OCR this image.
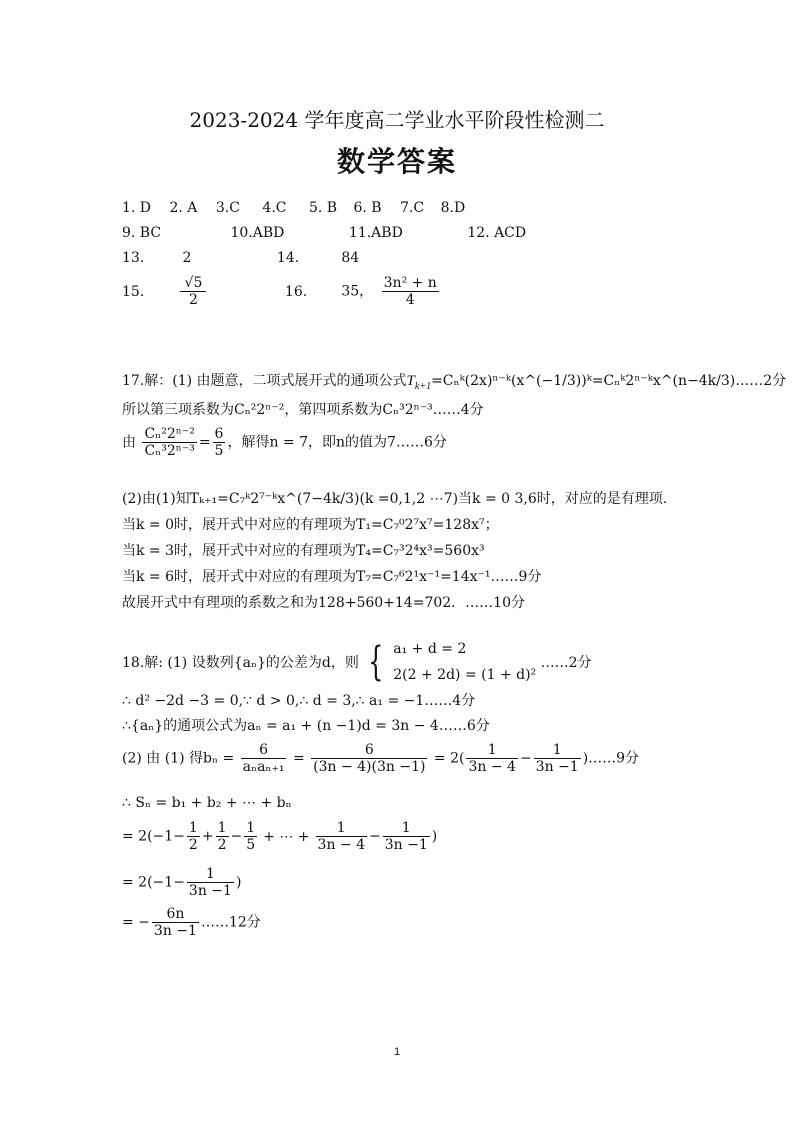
2023-2024 学年度高二学业水平阶段性检测二
数学答案
1. D 2. A 3.C 4.C 5. B 6. B 7.C 8.D
9. BC	10.ABD	11.ABD	12. ACD
13.	2	14.	84
15.	$\frac{√5}{2}$	16. 35， $\frac{\text{3n² + n}}{4}$
17.解：(1) 由题意，二项式展开式的通项公式$T_{k+1}=C_nᵏ(2x)^{n-}ᵏ(x\^{}(-1/3))ᵏ=C_nᵏ2^{n-}ᵏx\^{}(n-4k/3)\dots\dots 2$分
所以第三项系数为Cₙ²2ⁿ⁻²，第四项系数为Cₙ³2ⁿ⁻³……4分
由 $\frac{\text{Cₙ²2ⁿ⁻²}}{\text{Cₙ³2ⁿ⁻³}} = \frac{6}{5}$ ，解得n = 7，即n的值为7……6分
(2)由(1)知Tₖ₊₁=C₇ᵏ2⁷⁻ᵏx^(7−4k/3)(k =0,1,2 ⋯7)当k = 0 3,6时，对应的是有理项.
当k = 0时，展开式中对应的有理项为T₁=C₇⁰2⁷x⁷=128x⁷；
当k = 3时，展开式中对应的有理项为T₄=C₇³2⁴x³=560x³
当k = 6时，展开式中对应的有理项为T₇=C₇⁶2¹x⁻¹=14x⁻¹……9分
故展开式中有理项的系数之和为128+560+14=702．……10分
18.解: (1) 设数列{aₙ}的公差为d，则 { a₁ + d = 2
2(2 + 2d) = (1 + d)²
……2分
∴ d² −2d −3 = 0,∵ d > 0,∴ d = 3,∴ a₁ = −1……4分
∴{aₙ}的通项公式为aₙ = a₁ + (n −1)d = 3n − 4……6分
(2) 由 (1) 得$b_n = \frac{6}{\text{aₙaₙ₊₁}} = \frac{6}{(3n - 4)(3n -1)} = 2( \frac{1}{3n - 4} - \frac{1}{3n -1}$ )……9分
∴ Sₙ = b₁ + b₂ + ⋯ + bₙ
= $2(-1- \frac{1}{2} + \frac{1}{2} - \frac{1}{5}$ + ⋯ + $\frac{1}{3n - 4} - \frac{1}{3n -1}$ )
= $2(-1- \frac{1}{3n -1}$ )
= − $\frac{6n}{3n -1}$ ……12分
1
